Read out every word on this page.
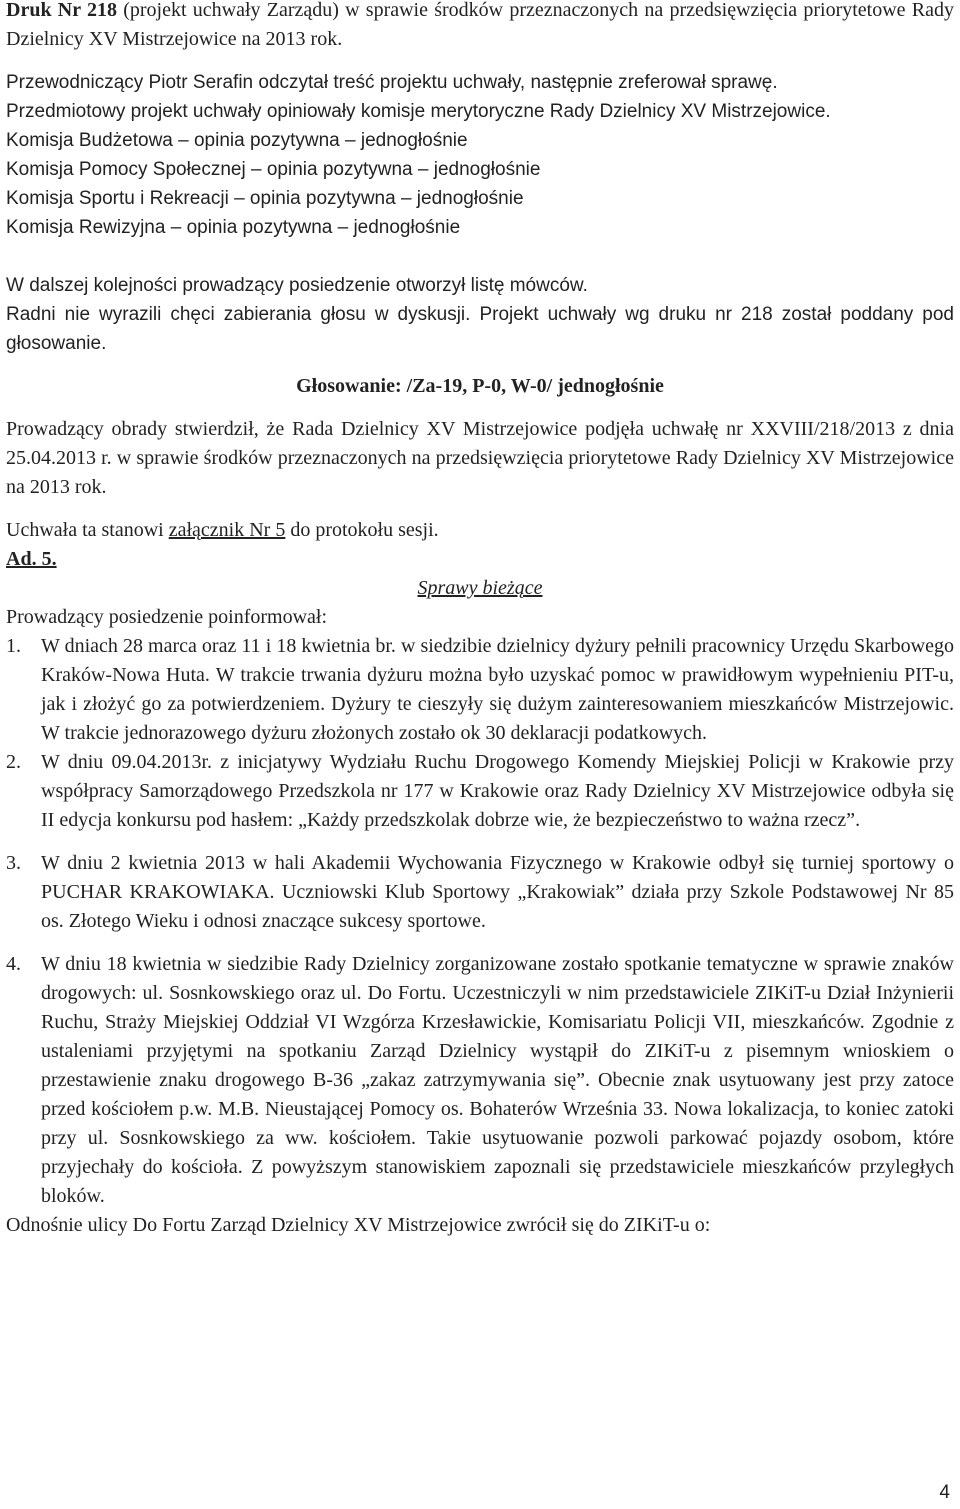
Druk Nr 218 (projekt uchwały Zarządu) w sprawie środków przeznaczonych na przedsięwzięcia priorytetowe Rady Dzielnicy XV Mistrzejowice na 2013 rok.

Przewodniczący Piotr Serafin odczytał treść projektu uchwały, następnie zreferował sprawę.

Przedmiotowy projekt uchwały opiniowały komisje merytoryczne Rady Dzielnicy XV Mistrzejowice.

Komisja Budżetowa – opinia pozytywna – jednogłośnie

Komisja Pomocy Społecznej – opinia pozytywna – jednogłośnie

Komisja Sportu i Rekreacji – opinia pozytywna – jednogłośnie

Komisja Rewizyjna – opinia pozytywna – jednogłośnie

W dalszej kolejności prowadzący posiedzenie otworzył listę mówców.

Radni nie wyrazili chęci zabierania głosu w dyskusji. Projekt uchwały wg druku nr 218 został poddany pod głosowanie.

Głosowanie: /Za-19, P-0, W-0/ jednogłośnie

Prowadzący obrady stwierdził, że Rada Dzielnicy XV Mistrzejowice podjęła uchwałę nr XXVIII/218/2013 z dnia 25.04.2013 r. w sprawie środków przeznaczonych na przedsięwzięcia priorytetowe Rady Dzielnicy XV Mistrzejowice na 2013 rok.

Uchwała ta stanowi załącznik Nr 5 do protokołu sesji.

Ad. 5.

Sprawy bieżące

Prowadzący posiedzenie poinformował:

1. W dniach 28 marca oraz 11 i 18 kwietnia br. w siedzibie dzielnicy dyżury pełnili pracownicy Urzędu Skarbowego Kraków-Nowa Huta. W trakcie trwania dyżuru można było uzyskać pomoc w prawidłowym wypełnieniu PIT-u, jak i złożyć go za potwierdzeniem. Dyżury te cieszyły się dużym zainteresowaniem mieszkańców Mistrzejowic. W trakcie jednorazowego dyżuru złożonych zostało ok 30 deklaracji podatkowych.
2. W dniu 09.04.2013r. z inicjatywy Wydziału Ruchu Drogowego Komendy Miejskiej Policji w Krakowie przy współpracy Samorządowego Przedszkola nr 177 w Krakowie oraz Rady Dzielnicy XV Mistrzejowice odbyła się II edycja konkursu pod hasłem: „Każdy przedszkolak dobrze wie, że bezpieczeństwo to ważna rzecz”.
3. W dniu 2 kwietnia 2013 w hali Akademii Wychowania Fizycznego w Krakowie odbył się turniej sportowy o PUCHAR KRAKOWIAKA. Uczniowski Klub Sportowy „Krakowiak” działa przy Szkole Podstawowej Nr 85 os. Złotego Wieku i odnosi znaczące sukcesy sportowe.
4. W dniu 18 kwietnia w siedzibie Rady Dzielnicy zorganizowane zostało spotkanie tematyczne w sprawie znaków drogowych: ul. Sosnkowskiego oraz ul. Do Fortu. Uczestniczyli w nim przedstawiciele ZIKiT-u Dział Inżynierii Ruchu, Straży Miejskiej Oddział VI Wzgórza Krzesławickie, Komisariatu Policji VII, mieszkańców. Zgodnie z ustaleniami przyjętymi na spotkaniu Zarząd Dzielnicy wystąpił do ZIKiT-u z pisemnym wnioskiem o przestawienie znaku drogowego B-36 „zakaz zatrzymywania się”. Obecnie znak usytuowany jest przy zatoce przed kościołem p.w. M.B. Nieustającej Pomocy os. Bohaterów Września 33. Nowa lokalizacja, to koniec zatoki przy ul. Sosnkowskiego za ww. kościołem. Takie usytuowanie pozwoli parkować pojazdy osobom, które przyjechały do kościoła. Z powyższym stanowiskiem zapoznali się przedstawiciele mieszkańców przyległych bloków.

Odnośnie ulicy Do Fortu Zarząd Dzielnicy XV Mistrzejowice zwrócił się do ZIKiT-u o:

4
